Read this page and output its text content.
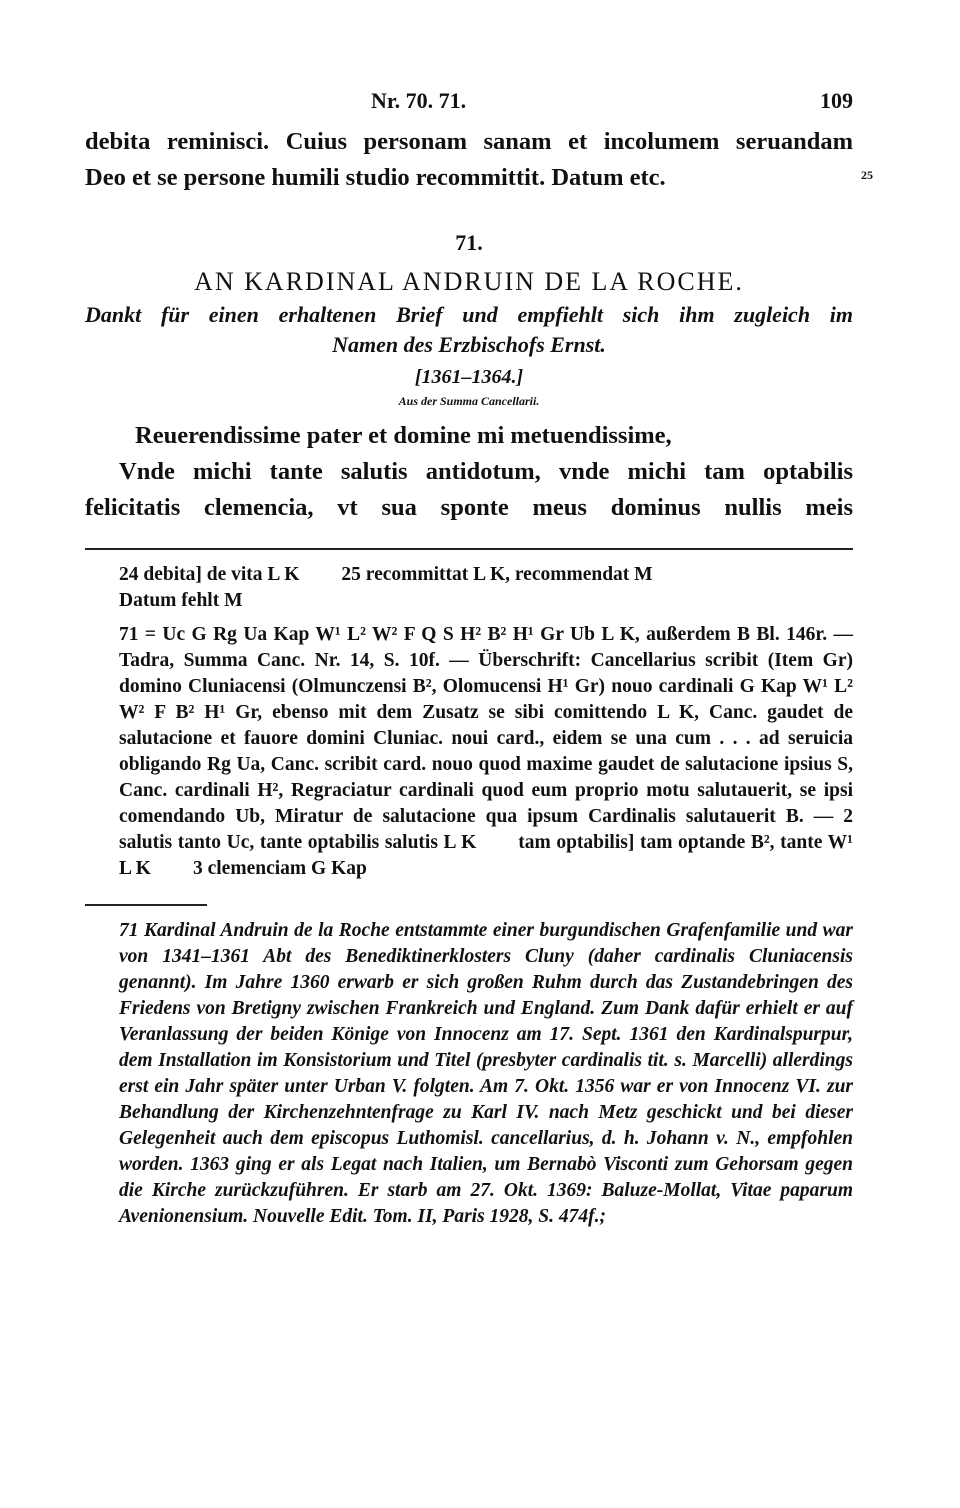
Nr. 70. 71.	109
debita reminisci. Cuius personam sanam et incolumem seruandam
Deo et se persone humili studio recommittit. Datum etc.	25
71.
AN KARDINAL ANDRUIN DE LA ROCHE.
Dankt für einen erhaltenen Brief und empfiehlt sich ihm zugleich im
Namen des Erzbischofs Ernst.
[1361–1364.]
Aus der Summa Cancellarii.
Reuerendissime pater et domine mi metuendissime,
Vnde michi tante salutis antidotum, vnde michi tam optabilis
felicitatis clemencia, vt sua sponte meus dominus nullis meis

24 debita] de vita L K 25 recommittat L K, recommendat M
Datum fehlt M

71 = Uc G Rg Ua Kap W¹ L² W² F Q S H² B² H¹ Gr Ub L K, außerdem B Bl. 146r. — Tadra, Summa Canc. Nr. 14, S. 10f. — Überschrift: Cancellarius scribit (Item Gr) domino Cluniacensi (Olmunczensi B², Olomucensi H¹ Gr) nouo cardinali G Kap W¹ L² W² F B² H¹ Gr, ebenso mit dem Zusatz se sibi comittendo L K, Canc. gaudet de salutacione et fauore domini Cluniac. noui card., eidem se una cum . . . ad seruicia obligando Rg Ua, Canc. scribit card. nouo quod maxime gaudet de salutacione ipsius S, Canc. cardinali H², Regraciatur cardinali quod eum proprio motu salutauerit, se ipsi comendando Ub, Miratur de salutacione qua ipsum Cardinalis salutauerit B. — 2 salutis tanto Uc, tante optabilis salutis L K tam optabilis] tam optande B², tante W¹ L K 3 clemenciam G Kap

71 Kardinal Andruin de la Roche entstammte einer burgundischen Grafenfamilie und war von 1341–1361 Abt des Benediktinerklosters Cluny (daher cardinalis Cluniacensis genannt). Im Jahre 1360 erwarb er sich großen Ruhm durch das Zustandebringen des Friedens von Bretigny zwischen Frankreich und England. Zum Dank dafür erhielt er auf Veranlassung der beiden Könige von Innocenz am 17. Sept. 1361 den Kardinalspurpur, dem Installation im Konsistorium und Titel (presbyter cardinalis tit. s. Marcelli) allerdings erst ein Jahr später unter Urban V. folgten. Am 7. Okt. 1356 war er von Innocenz VI. zur Behandlung der Kirchenzehntenfrage zu Karl IV. nach Metz geschickt und bei dieser Gelegenheit auch dem episcopus Luthomisl. cancellarius, d. h. Johann v. N., empfohlen worden. 1363 ging er als Legat nach Italien, um Bernabò Visconti zum Gehorsam gegen die Kirche zurückzuführen. Er starb am 27. Okt. 1369: Baluze-Mollat, Vitae paparum Avenionensium. Nouvelle Edit. Tom. II, Paris 1928, S. 474f.;
